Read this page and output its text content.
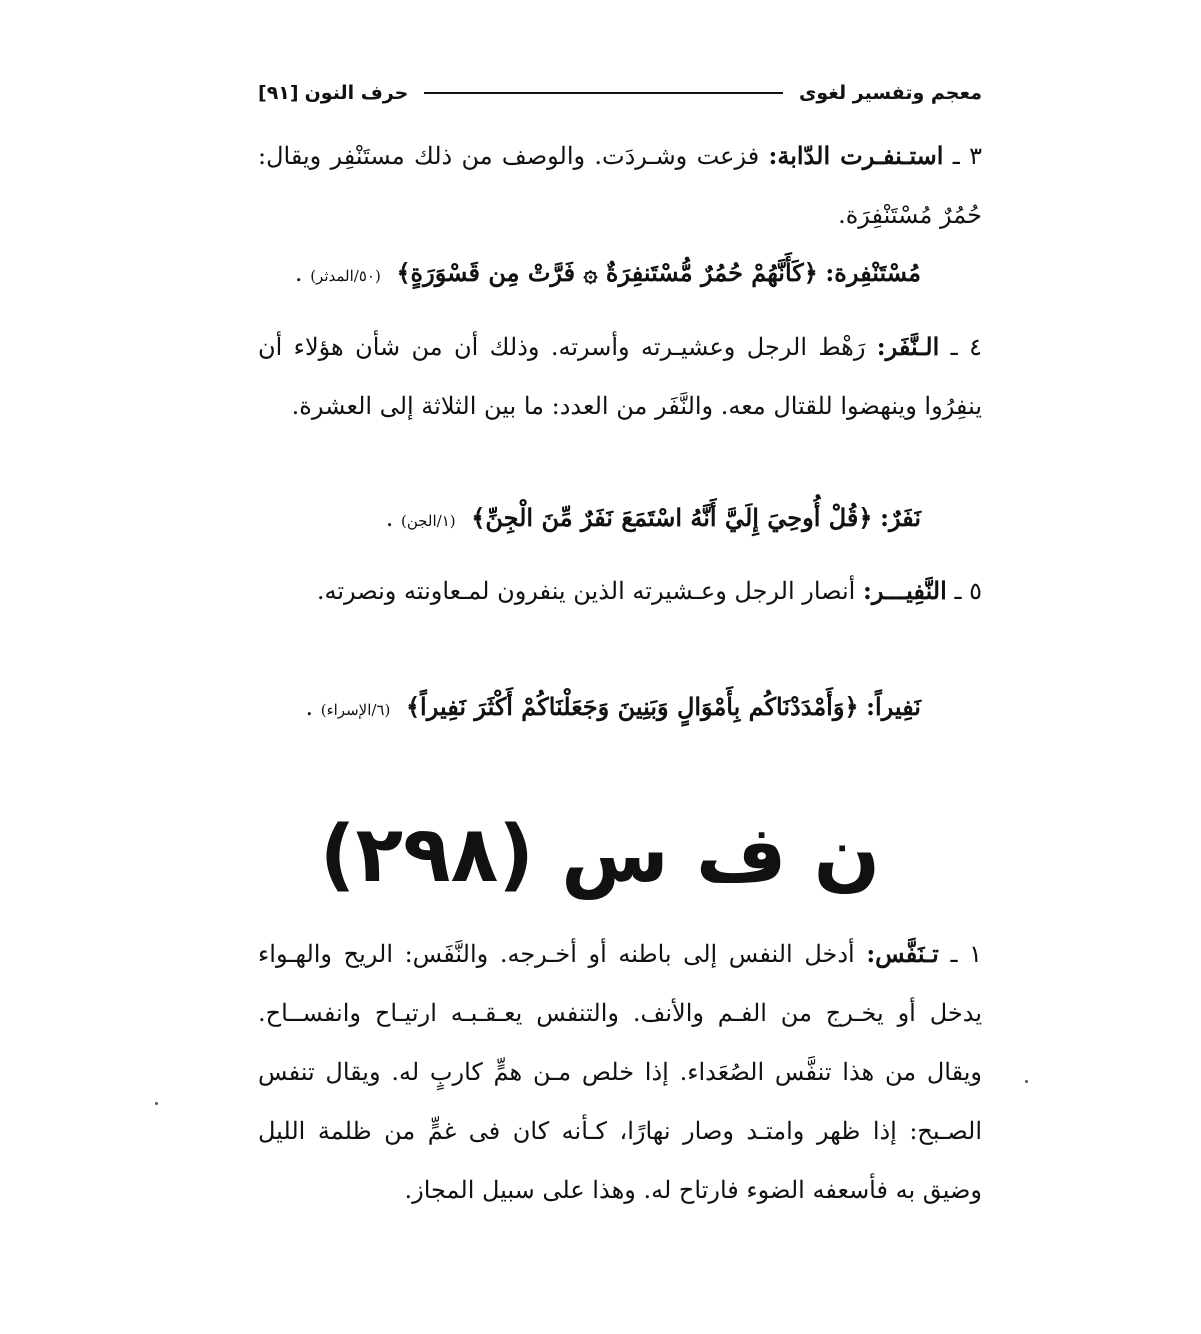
معجم وتفسير لغوى
حرف النون
[٩١]
٣ ـ استـنفـرت الدّابة: فزعت وشـردَت. والوصف من ذلك مستَنْفِر ويقال: حُمُرٌ مُسْتَنْفِرَة.
مُسْتَنْفِرة: ﴿كَأَنَّهُمْ حُمُرٌ مُّسْتَنفِرَةٌ ۞ فَرَّتْ مِن قَسْوَرَةٍ﴾ (٥٠/المدثر) .
٤ ـ الـنَّفَر: رَهْط الرجل وعشيـرته وأسرته. وذلك أن من شأن هؤلاء أن ينفِرُوا وينهضوا للقتال معه. والنَّفَر من العدد: ما بين الثلاثة إلى العشرة.
نَفَرٌ: ﴿قُلْ أُوحِيَ إِلَيَّ أَنَّهُ اسْتَمَعَ نَفَرٌ مِّنَ الْجِنِّ﴾ (١/الجن) .
٥ ـ النَّفِيـــر: أنصار الرجل وعـشيرته الذين ينفرون لمـعاونته ونصرته.
نَفِيراً: ﴿وَأَمْدَدْنَاكُم بِأَمْوَالٍ وَبَنِينَ وَجَعَلْنَاكُمْ أَكْثَرَ نَفِيراً﴾ (٦/الإسراء) .
ن ف س (٢٩٨)
١ ـ تـنَفَّس: أدخل النفس إلى باطنه أو أخـرجه. والنَّفَس: الريح والهـواء يدخل أو يخـرج من الفـم والأنف. والتنفس يعـقـبـه ارتيـاح وانفســاح. ويقال من هذا تنفَّس الصُعَداء. إذا خلص مـن همٍّ كاربٍ له. ويقال تنفس الصـبح: إذا ظهر وامتـد وصار نهارًا، كـأنه كان فى غمٍّ من ظلمة الليل وضيق به فأسعفه الضوء فارتاح له. وهذا على سبيل المجاز.
